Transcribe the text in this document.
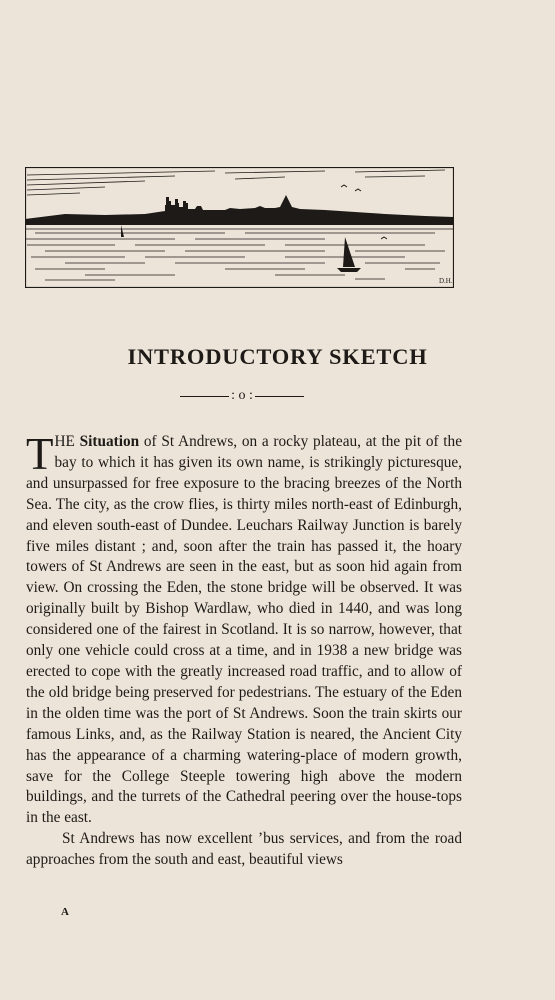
D.H.
INTRODUCTORY SKETCH
: o :

THE Situation of St Andrews, on a rocky plateau, at the pit of the bay to which it has given its own name, is strikingly picturesque, and unsurpassed for free exposure to the bracing breezes of the North Sea. The city, as the crow flies, is thirty miles north-east of Edinburgh, and eleven south-east of Dundee. Leuchars Railway Junction is barely five miles distant ; and, soon after the train has passed it, the hoary towers of St Andrews are seen in the east, but as soon hid again from view. On crossing the Eden, the stone bridge will be observed. It was originally built by Bishop Wardlaw, who died in 1440, and was long considered one of the fairest in Scotland. It is so narrow, however, that only one vehicle could cross at a time, and in 1938 a new bridge was erected to cope with the greatly increased road traffic, and to allow of the old bridge being preserved for pedestrians. The estuary of the Eden in the olden time was the port of St Andrews. Soon the train skirts our famous Links, and, as the Railway Station is neared, the Ancient City has the appearance of a charming watering-place of modern growth, save for the College Steeple towering high above the modern buildings, and the turrets of the Cathedral peering over the house-tops in the east.

St Andrews has now excellent ’bus services, and from the road approaches from the south and east, beautiful views

A
